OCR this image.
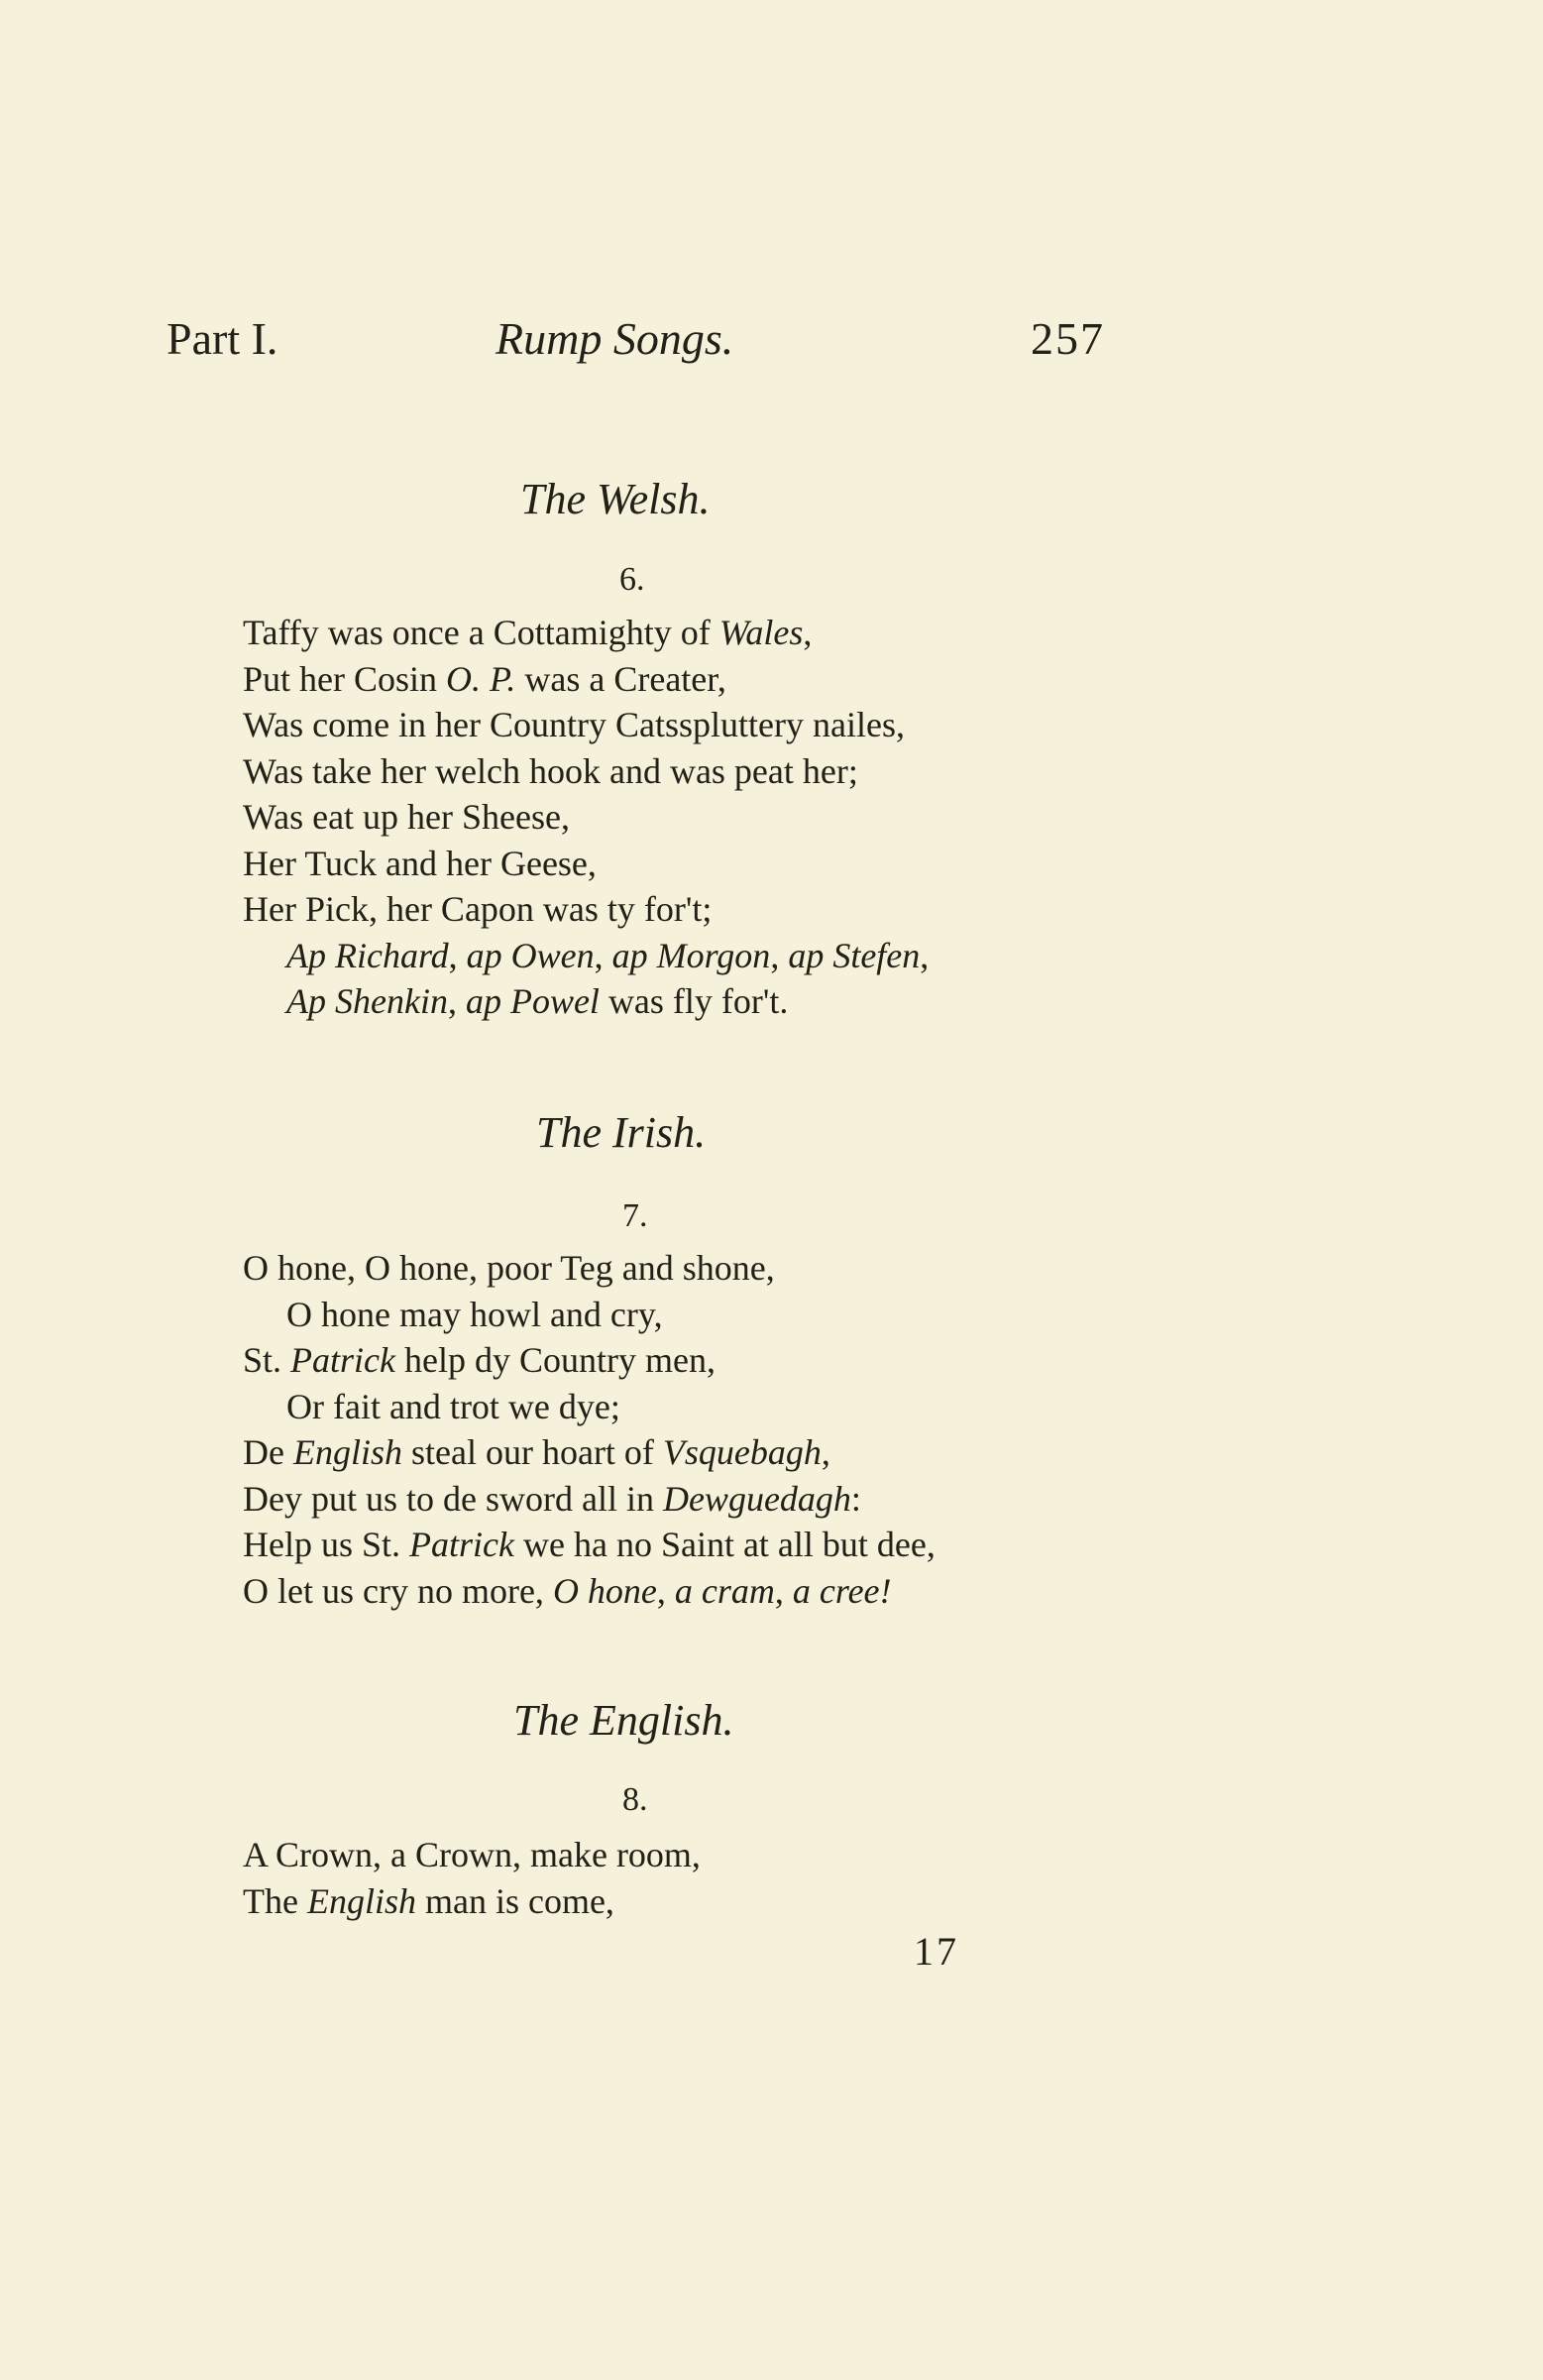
Part I.	Rump Songs.	257
The Welsh.
6.
Taffy was once a Cottamighty of Wales,
Put her Cosin O. P. was a Creater,
Was come in her Country Catsspluttery nailes,
Was take her welch hook and was peat her;
Was eat up her Sheese,
Her Tuck and her Geese,
Her Pick, her Capon was ty for't;
Ap Richard, ap Owen, ap Morgon, ap Stefen,
Ap Shenkin, ap Powel was fly for't.
The Irish.
7.
O hone, O hone, poor Teg and shone,
O hone may howl and cry,
St. Patrick help dy Country men,
Or fait and trot we dye;
De English steal our hoart of Vsquebagh,
Dey put us to de sword all in Dewguedagh:
Help us St. Patrick we ha no Saint at all but dee,
O let us cry no more, O hone, a cram, a cree!
The English.
8.
A Crown, a Crown, make room,
The English man is come,
17
